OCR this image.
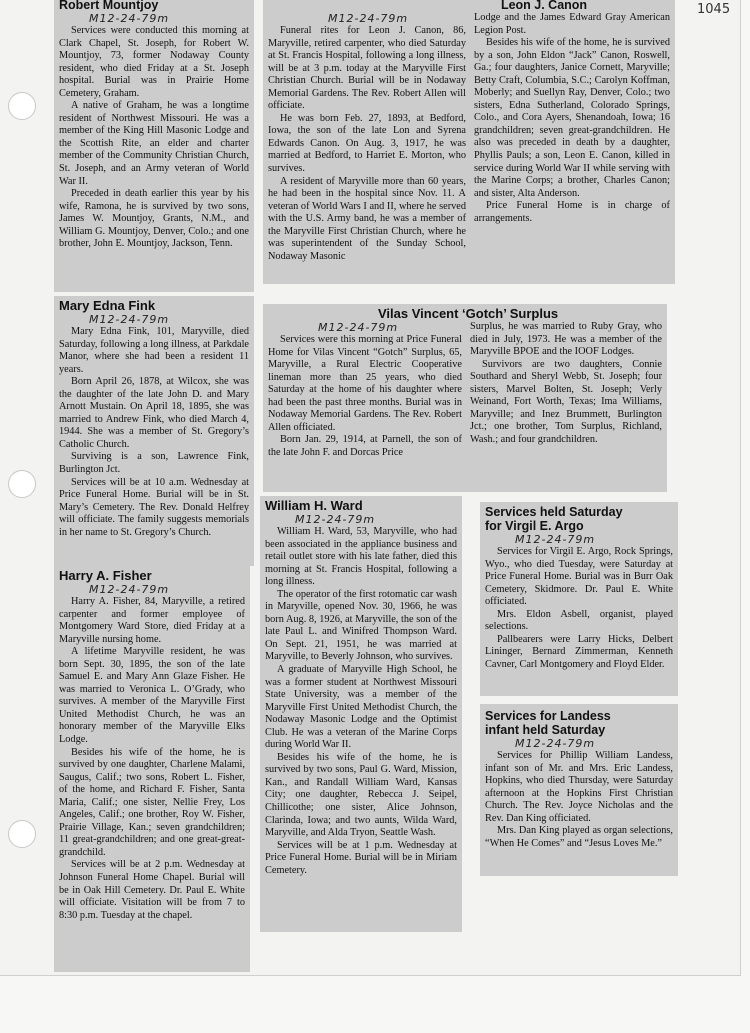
1045
Robert Mountjoy
M12-24-79m

Services were conducted this morning at Clark Chapel, St. Joseph, for Robert W. Mountjoy, 73, former Nodaway County resident, who died Friday at a St. Joseph hospital. Burial was in Prairie Home Cemetery, Graham.

A native of Graham, he was a longtime resident of Northwest Missouri. He was a member of the King Hill Masonic Lodge and the Scottish Rite, an elder and charter member of the Community Christian Church, St. Joseph, and an Army veteran of World War II.

Preceded in death earlier this year by his wife, Ramona, he is survived by two sons, James W. Mountjoy, Grants, N.M., and William G. Mountjoy, Denver, Colo.; and one brother, John E. Mountjoy, Jackson, Tenn.

Leon J. Canon
M12-24-79m

Funeral rites for Leon J. Canon, 86, Maryville, retired carpenter, who died Saturday at St. Francis Hospital, following a long illness, will be at 3 p.m. today at the Maryville First Christian Church. Burial will be in Nodaway Memorial Gardens. The Rev. Robert Allen will officiate.

He was born Feb. 27, 1893, at Bedford, Iowa, the son of the late Lon and Syrena Edwards Canon. On Aug. 3, 1917, he was married at Bedford, to Harriet E. Morton, who survives.

A resident of Maryville more than 60 years, he had been in the hospital since Nov. 11. A veteran of World Wars I and II, where he served with the U.S. Army band, he was a member of the Maryville First Christian Church, where he was superintendent of the Sunday School, Nodaway Masonic

Lodge and the James Edward Gray American Legion Post.

Besides his wife of the home, he is survived by a son, John Eldon “Jack” Canon, Roswell, Ga.; four daughters, Janice Cornett, Maryville; Betty Craft, Columbia, S.C.; Carolyn Koffman, Moberly; and Suellyn Ray, Denver, Colo.; two sisters, Edna Sutherland, Colorado Springs, Colo., and Cora Ayers, Shenandoah, Iowa; 16 grandchildren; seven great-grandchildren. He also was preceded in death by a daughter, Phyllis Pauls; a son, Leon E. Canon, killed in service during World War II while serving with the Marine Corps; a brother, Charles Canon; and sister, Alta Anderson.

Price Funeral Home is in charge of arrangements.

Mary Edna Fink
M12-24-79m

Mary Edna Fink, 101, Maryville, died Saturday, following a long illness, at Parkdale Manor, where she had been a resident 11 years.

Born April 26, 1878, at Wilcox, she was the daughter of the late John D. and Mary Arnott Mustain. On April 18, 1895, she was married to Andrew Fink, who died March 4, 1944. She was a member of St. Gregory’s Catholic Church.

Surviving is a son, Lawrence Fink, Burlington Jct.

Services will be at 10 a.m. Wednesday at Price Funeral Home. Burial will be in St. Mary’s Cemetery. The Rev. Donald Helfrey will officiate. The family suggests memorials in her name to St. Gregory’s Church.

Vilas Vincent ‘Gotch’ Surplus
M12-24-79m

Services were this morning at Price Funeral Home for Vilas Vincent “Gotch” Surplus, 65, Maryville, a Rural Electric Cooperative lineman more than 25 years, who died Saturday at the home of his daughter where had been the past three months. Burial was in Nodaway Memorial Gardens. The Rev. Robert Allen officiated.

Born Jan. 29, 1914, at Parnell, the son of the late John F. and Dorcas Price

Surplus, he was married to Ruby Gray, who died in July, 1973. He was a member of the Maryville BPOE and the IOOF Lodges.

Survivors are two daughters, Connie Southard and Sheryl Webb, St. Joseph; four sisters, Marvel Bolten, St. Joseph; Verly Weinand, Fort Worth, Texas; Ima Williams, Maryville; and Inez Brummett, Burlington Jct.; one brother, Tom Surplus, Richland, Wash.; and four grandchildren.

Harry A. Fisher
M12-24-79m

Harry A. Fisher, 84, Maryville, a retired carpenter and former employee of Montgomery Ward Store, died Friday at a Maryville nursing home.

A lifetime Maryville resident, he was born Sept. 30, 1895, the son of the late Samuel E. and Mary Ann Glaze Fisher. He was married to Veronica L. O’Grady, who survives. A member of the Maryville First United Methodist Church, he was an honorary member of the Maryville Elks Lodge.

Besides his wife of the home, he is survived by one daughter, Charlene Malami, Saugus, Calif.; two sons, Robert L. Fisher, of the home, and Richard F. Fisher, Santa Maria, Calif.; one sister, Nellie Frey, Los Angeles, Calif.; one brother, Roy W. Fisher, Prairie Village, Kan.; seven grandchildren; 11 great-grandchildren; and one great-great-grandchild.

Services will be at 2 p.m. Wednesday at Johnson Funeral Home Chapel. Burial will be in Oak Hill Cemetery. Dr. Paul E. White will officiate. Visitation will be from 7 to 8:30 p.m. Tuesday at the chapel.

William H. Ward
M12-24-79m

William H. Ward, 53, Maryville, who had been associated in the appliance business and retail outlet store with his late father, died this morning at St. Francis Hospital, following a long illness.

The operator of the first rotomatic car wash in Maryville, opened Nov. 30, 1966, he was born Aug. 8, 1926, at Maryville, the son of the late Paul L. and Winifred Thompson Ward. On Sept. 21, 1951, he was married at Maryville, to Beverly Johnson, who survives.

A graduate of Maryville High School, he was a former student at Northwest Missouri State University, was a member of the Maryville First United Methodist Church, the Nodaway Masonic Lodge and the Optimist Club. He was a veteran of the Marine Corps during World War II.

Besides his wife of the home, he is survived by two sons, Paul G. Ward, Mission, Kan., and Randall William Ward, Kansas City; one daughter, Rebecca J. Seipel, Chillicothe; one sister, Alice Johnson, Clarinda, Iowa; and two aunts, Wilda Ward, Maryville, and Alda Tryon, Seattle Wash.

Services will be at 1 p.m. Wednesday at Price Funeral Home. Burial will be in Miriam Cemetery.

Services held Saturday
for Virgil E. Argo
M12-24-79m

Services for Virgil E. Argo, Rock Springs, Wyo., who died Tuesday, were Saturday at Price Funeral Home. Burial was in Burr Oak Cemetery, Skidmore. Dr. Paul E. White officiated.

Mrs. Eldon Asbell, organist, played selections.

Pallbearers were Larry Hicks, Delbert Lininger, Bernard Zimmerman, Kenneth Cavner, Carl Montgomery and Floyd Elder.

Services for Landess
infant held Saturday
M12-24-79m

Services for Phillip William Landess, infant son of Mr. and Mrs. Eric Landess, Hopkins, who died Thursday, were Saturday afternoon at the Hopkins First Christian Church. The Rev. Joyce Nicholas and the Rev. Dan King officiated.

Mrs. Dan King played as organ selections, “When He Comes” and “Jesus Loves Me.”
